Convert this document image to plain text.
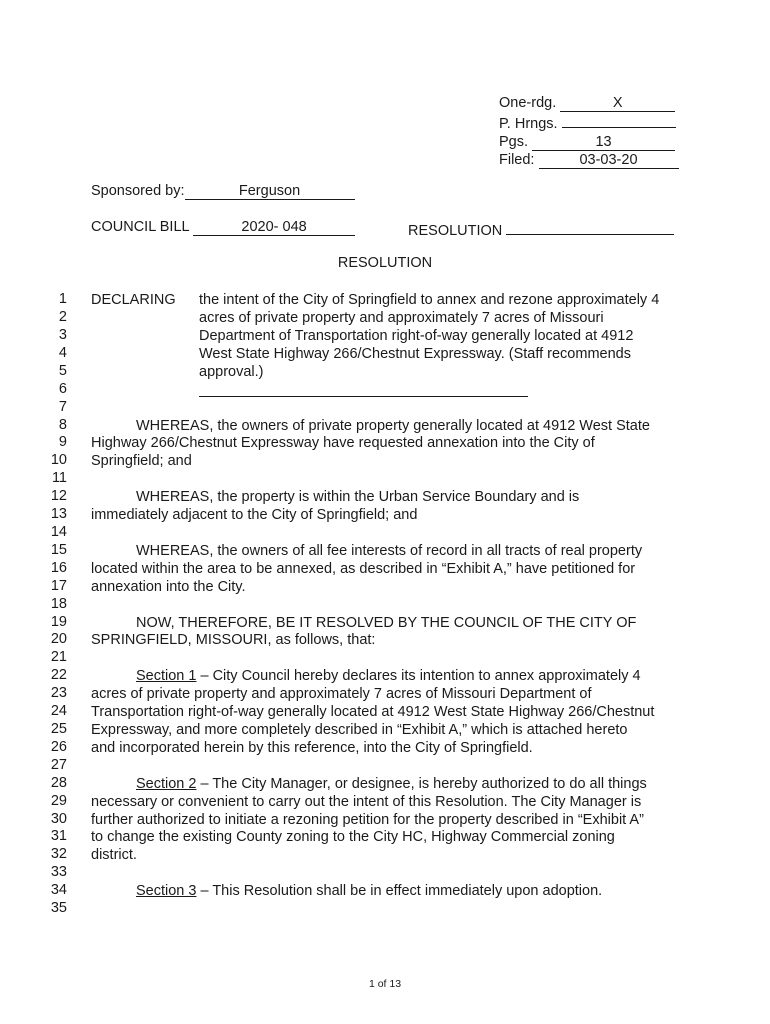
One-rdg.	X
P. Hrngs.
Pgs.	13
Filed:	03-03-20
Sponsored by:	Ferguson
COUNCIL BILL	2020- 048	RESOLUTION
RESOLUTION
1
2
3
4
5
6
7
8
9
10
11
12
13
14
15
16
17
18
19
20
21
22
23
24
25
26
27
28
29
30
31
32
33
34
35
DECLARING the intent of the City of Springfield to annex and rezone approximately 4
acres of private property and approximately 7 acres of Missouri
Department of Transportation right-of-way generally located at 4912
West State Highway 266/Chestnut Expressway. (Staff recommends
approval.)
WHEREAS, the owners of private property generally located at 4912 West State
Highway 266/Chestnut Expressway have requested annexation into the City of
Springfield; and
WHEREAS, the property is within the Urban Service Boundary and is
immediately adjacent to the City of Springfield; and
WHEREAS, the owners of all fee interests of record in all tracts of real property
located within the area to be annexed, as described in “Exhibit A,” have petitioned for
annexation into the City.
NOW, THEREFORE, BE IT RESOLVED BY THE COUNCIL OF THE CITY OF
SPRINGFIELD, MISSOURI, as follows, that:
Section 1 – City Council hereby declares its intention to annex approximately 4
acres of private property and approximately 7 acres of Missouri Department of
Transportation right-of-way generally located at 4912 West State Highway 266/Chestnut
Expressway, and more completely described in “Exhibit A,” which is attached hereto
and incorporated herein by this reference, into the City of Springfield.
Section 2 – The City Manager, or designee, is hereby authorized to do all things
necessary or convenient to carry out the intent of this Resolution. The City Manager is
further authorized to initiate a rezoning petition for the property described in “Exhibit A”
to change the existing County zoning to the City HC, Highway Commercial zoning
district.
Section 3 – This Resolution shall be in effect immediately upon adoption.
1 of 13
